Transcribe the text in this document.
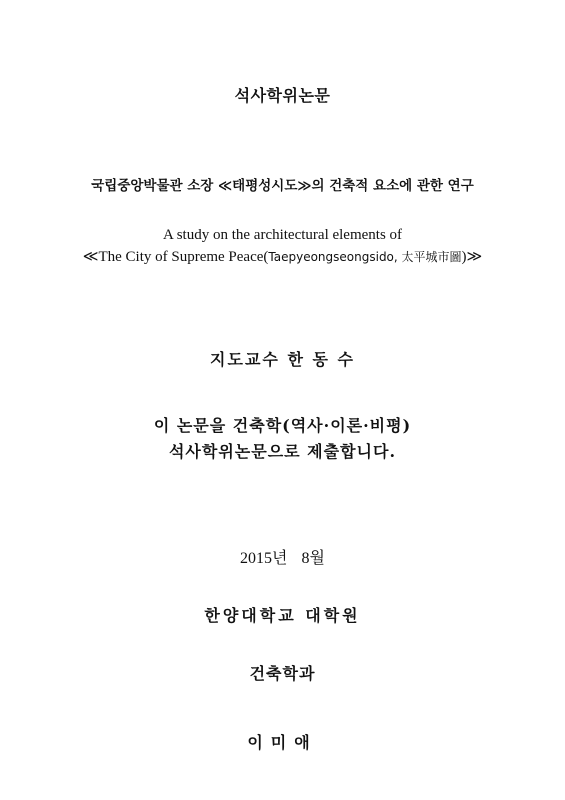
석사학위논문
국립중앙박물관 소장 ≪태평성시도≫의 건축적 요소에 관한 연구
A study on the architectural elements of
≪The City of Supreme Peace(Taepyeongseongsido, 太平城市圖)≫
지도교수 한 동 수
이 논문을 건축학(역사·이론·비평)
석사학위논문으로 제출합니다.
2015년 8월
한양대학교 대학원
건축학과
이미애
